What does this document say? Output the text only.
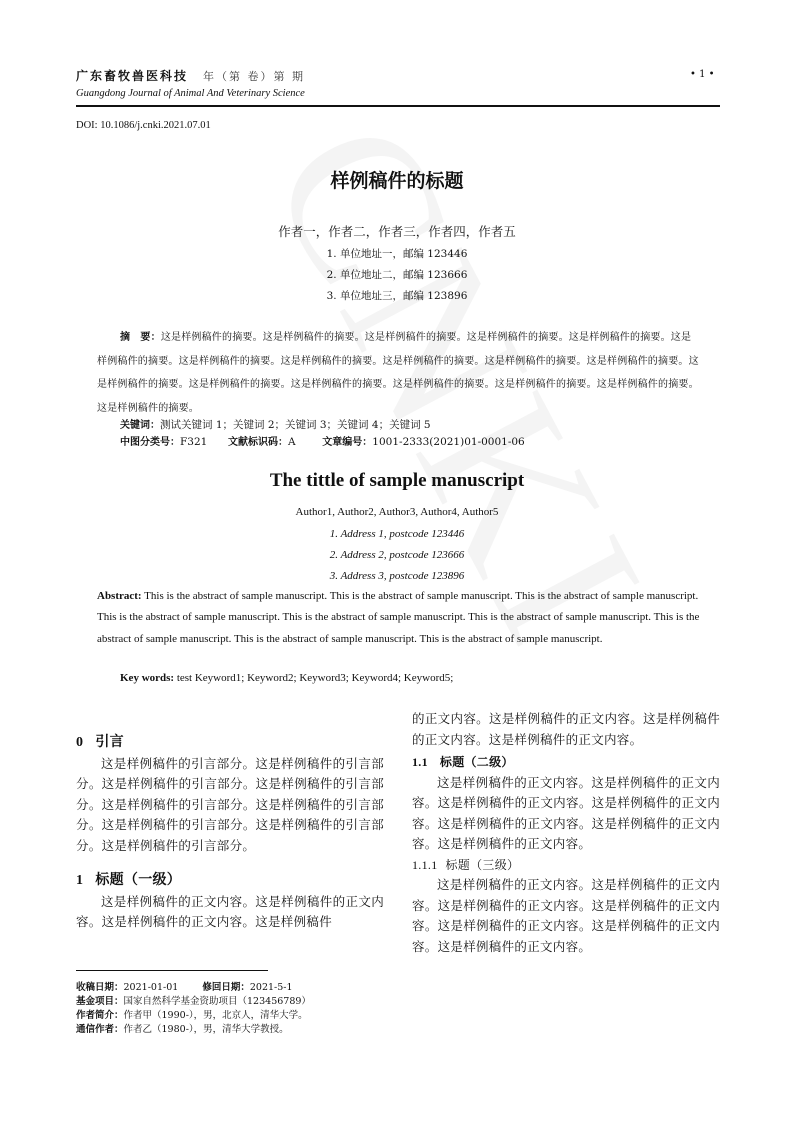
广东畜牧兽医科技 年（第 卷）第 期	• 1 •
Guangdong Journal of Animal And Veterinary Science
DOI: 10.1086/j.cnki.2021.07.01
样例稿件的标题
作者一，作者二，作者三，作者四，作者五
1. 单位地址一，邮编 123446
2. 单位地址二，邮编 123666
3. 单位地址三，邮编 123896
摘　要：这是样例稿件的摘要。这是样例稿件的摘要。这是样例稿件的摘要。这是样例稿件的摘要。这是样例稿件的摘要。这是样例稿件的摘要。这是样例稿件的摘要。这是样例稿件的摘要。这是样例稿件的摘要。这是样例稿件的摘要。这是样例稿件的摘要。这是样例稿件的摘要。这是样例稿件的摘要。这是样例稿件的摘要。这是样例稿件的摘要。这是样例稿件的摘要。这是样例稿件的摘要。这是样例稿件的摘要。
关键词：测试关键词 1；关键词 2；关键词 3；关键词 4；关键词 5
中图分类号：F321 文献标识码：A	文章编号：1001-2333(2021)01-0001-06
The tittle of sample manuscript
Author1, Author2, Author3, Author4, Author5
1. Address 1, postcode 123446
2. Address 2, postcode 123666
3. Address 3, postcode 123896
Abstract: This is the abstract of sample manuscript. This is the abstract of sample manuscript. This is the abstract of sample manuscript. This is the abstract of sample manuscript. This is the abstract of sample manuscript. This is the abstract of sample manuscript. This is the abstract of sample manuscript. This is the abstract of sample manuscript. This is the abstract of sample manuscript.
Key words: test Keyword1; Keyword2; Keyword3; Keyword4; Keyword5;
0 引言
这是样例稿件的引言部分。这是样例稿件的引言部分。这是样例稿件的引言部分。这是样例稿件的引言部分。这是样例稿件的引言部分。这是样例稿件的引言部分。这是样例稿件的引言部分。这是样例稿件的引言部分。这是样例稿件的引言部分。
1 标题（一级）
这是样例稿件的正文内容。这是样例稿件的正文内容。这是样例稿件的正文内容。这是样例稿件
的正文内容。这是样例稿件的正文内容。这是样例稿件的正文内容。这是样例稿件的正文内容。
1.1 标题（二级）
这是样例稿件的正文内容。这是样例稿件的正文内容。这是样例稿件的正文内容。这是样例稿件的正文内容。这是样例稿件的正文内容。这是样例稿件的正文内容。这是样例稿件的正文内容。
1.1.1 标题（三级）
这是样例稿件的正文内容。这是样例稿件的正文内容。这是样例稿件的正文内容。这是样例稿件的正文内容。这是样例稿件的正文内容。这是样例稿件的正文内容。这是样例稿件的正文内容。
收稿日期：2021-01-01	修回日期：2021-5-1
基金项目：国家自然科学基金资助项目（123456789）
作者简介：作者甲（1990-），男，北京人，清华大学。
通信作者：作者乙（1980-），男，清华大学教授。
